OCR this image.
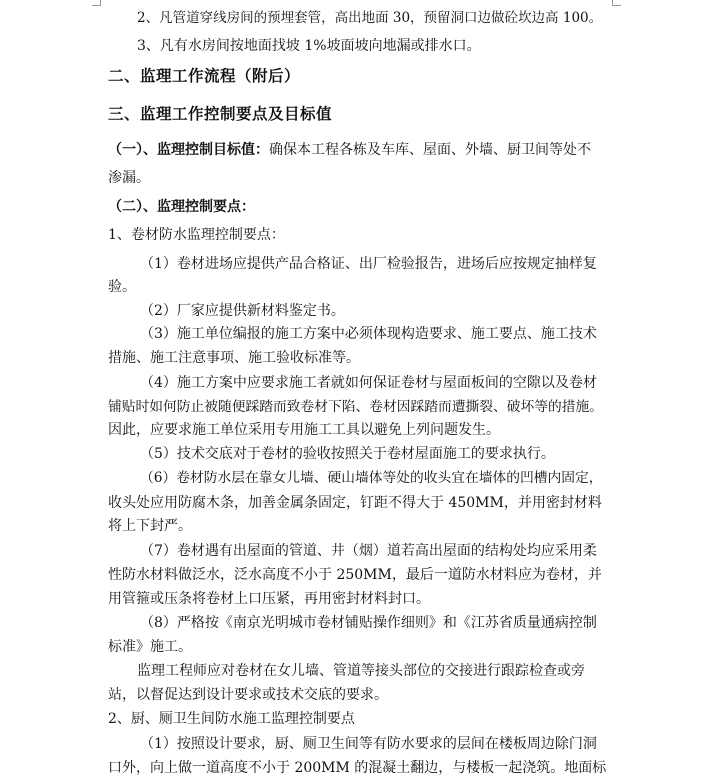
2、凡管道穿线房间的预埋套管，高出地面 30，预留洞口边做砼坎边高 100。
3、凡有水房间按地面找坡 1%坡面坡向地漏或排水口。
二、监理工作流程（附后）
三、监理工作控制要点及目标值
（一）、监理控制目标值：确保本工程各栋及车库、屋面、外墙、厨卫间等处不
渗漏。
（二）、监理控制要点：
1、卷材防水监理控制要点：
（1）卷材进场应提供产品合格证、出厂检验报告，进场后应按规定抽样复
验。
（2）厂家应提供新材料鉴定书。
（3）施工单位编报的施工方案中必须体现构造要求、施工要点、施工技术
措施、施工注意事项、施工验收标准等。
（4）施工方案中应要求施工者就如何保证卷材与屋面板间的空隙以及卷材
铺贴时如何防止被随便踩踏而致卷材下陷、卷材因踩踏而遭撕裂、破坏等的措施。
因此，应要求施工单位采用专用施工工具以避免上列问题发生。
（5）技术交底对于卷材的验收按照关于卷材屋面施工的要求执行。
（6）卷材防水层在靠女儿墙、硬山墙体等处的收头宜在墙体的凹槽内固定，
收头处应用防腐木条，加善金属条固定，钉距不得大于 450MM，并用密封材料
将上下封严。
（7）卷材遇有出屋面的管道、井（烟）道若高出屋面的结构处均应采用柔
性防水材料做泛水，泛水高度不小于 250MM，最后一道防水材料应为卷材，并
用管箍或压条将卷材上口压紧，再用密封材料封口。
（8）严格按《南京光明城市卷材铺贴操作细则》和《江苏省质量通病控制
标准》施工。
监理工程师应对卷材在女儿墙、管道等接头部位的交接进行跟踪检查或旁
站，以督促达到设计要求或技术交底的要求。
2、厨、厕卫生间防水施工监理控制要点
（1）按照设计要求，厨、厕卫生间等有防水要求的层间在楼板周边除门洞
口外，向上做一道高度不小于 200MM 的混凝土翻边，与楼板一起浇筑。地面标
